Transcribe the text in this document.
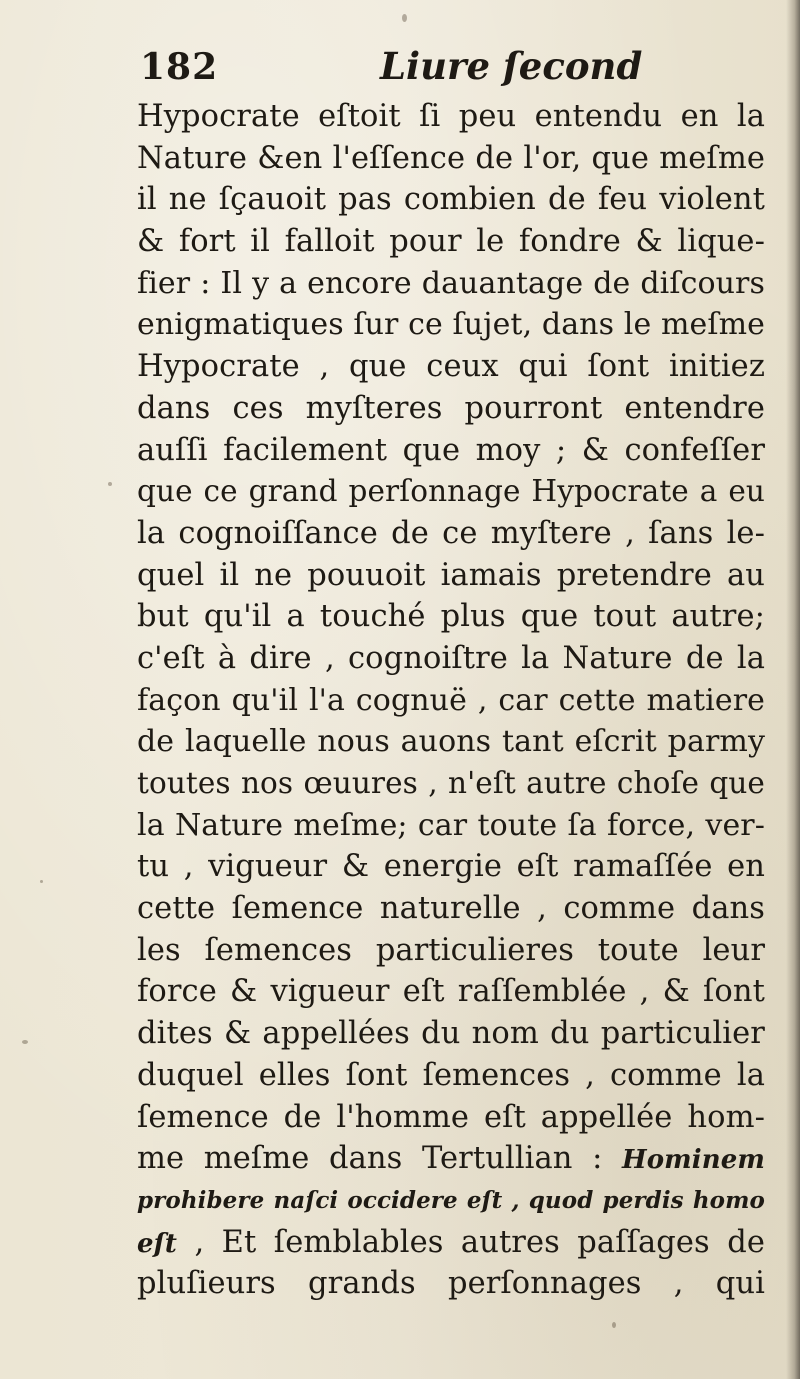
182	Liure ſecond
Hypocrate eſtoit ſi peu entendu en la
Nature &en l'eſſence de l'or, que meſme
il ne ſçauoit pas combien de feu violent
& fort il falloit pour le fondre & lique-
fier : Il y a encore dauantage de diſcours
enigmatiques ſur ce ſujet, dans le meſme
Hypocrate , que ceux qui ſont initiez
dans ces myſteres pourront entendre
auſſi facilement que moy ; & confeſſer
que ce grand perſonnage Hypocrate a eu
la cognoiſſance de ce myſtere , ſans le-
quel il ne pouuoit iamais pretendre au
but qu'il a touché plus que tout autre;
c'eſt à dire , cognoiſtre la Nature de la
façon qu'il l'a cognuë , car cette matiere
de laquelle nous auons tant eſcrit parmy
toutes nos œuures , n'eſt autre choſe que
la Nature meſme; car toute ſa force, ver-
tu , vigueur & energie eſt ramaſſée en
cette ſemence naturelle , comme dans
les ſemences particulieres toute leur
force & vigueur eſt raſſemblée , & ſont
dites & appellées du nom du particulier
duquel elles ſont ſemences , comme la
ſemence de l'homme eſt appellée hom-
me meſme dans Tertullian : Hominem
prohibere naſci occidere eſt , quod perdis homo
eſt , Et ſemblables autres paſſages de
pluſieurs grands perſonnages , qui
